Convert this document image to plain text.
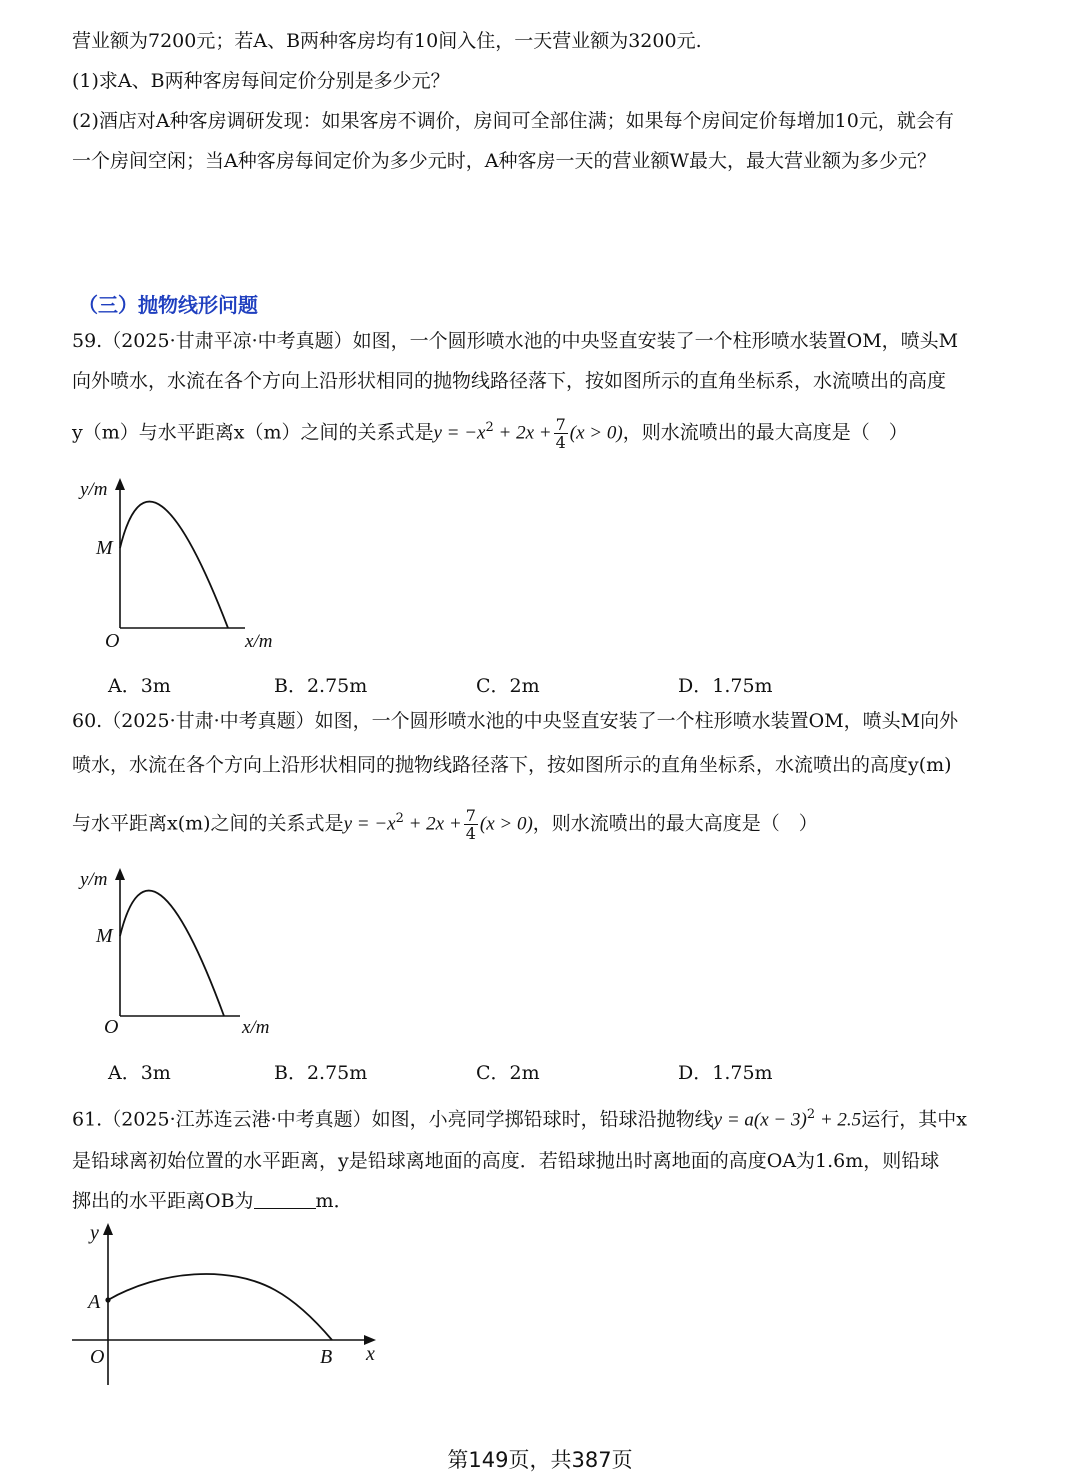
营业额为7200元；若A、B两种客房均有10间入住，一天营业额为3200元.
(1)求A、B两种客房每间定价分别是多少元？
(2)酒店对A种客房调研发现：如果客房不调价，房间可全部住满；如果每个房间定价每增加10元，就会有
一个房间空闲；当A种客房每间定价为多少元时，A种客房一天的营业额W最大，最大营业额为多少元？
（三）抛物线形问题
59.（2025·甘肃平凉·中考真题）如图，一个圆形喷水池的中央竖直安装了一个柱形喷水装置OM，喷头M
向外喷水，水流在各个方向上沿形状相同的抛物线路径落下，按如图所示的直角坐标系，水流喷出的高度
y（m）与水平距离x（m）之间的关系式是$y = -x^2 + 2x + \frac{7}{4} (x > 0)$，则水流喷出的最大高度是（　）
y/m
M
O	x/m
A．3m	B．2.75m	C．2m	D．1.75m
60.（2025·甘肃·中考真题）如图，一个圆形喷水池的中央竖直安装了一个柱形喷水装置OM，喷头M向外
喷水，水流在各个方向上沿形状相同的抛物线路径落下，按如图所示的直角坐标系，水流喷出的高度y(m)
与水平距离x(m)之间的关系式是$y = -x^2 + 2x + \frac{7}{4} (x > 0)$，则水流喷出的最大高度是（　）
y/m
M
O	x/m
A．3m	B．2.75m	C．2m	D．1.75m
61.（2025·江苏连云港·中考真题）如图，小亮同学掷铅球时，铅球沿抛物线$y = a(x - 3)^2 + 2.5$运行，其中x
是铅球离初始位置的水平距离，y是铅球离地面的高度．若铅球抛出时离地面的高度OA为1.6m，则铅球
掷出的水平距离OB为	m．
y
A
O	B x
第149页，共387页
